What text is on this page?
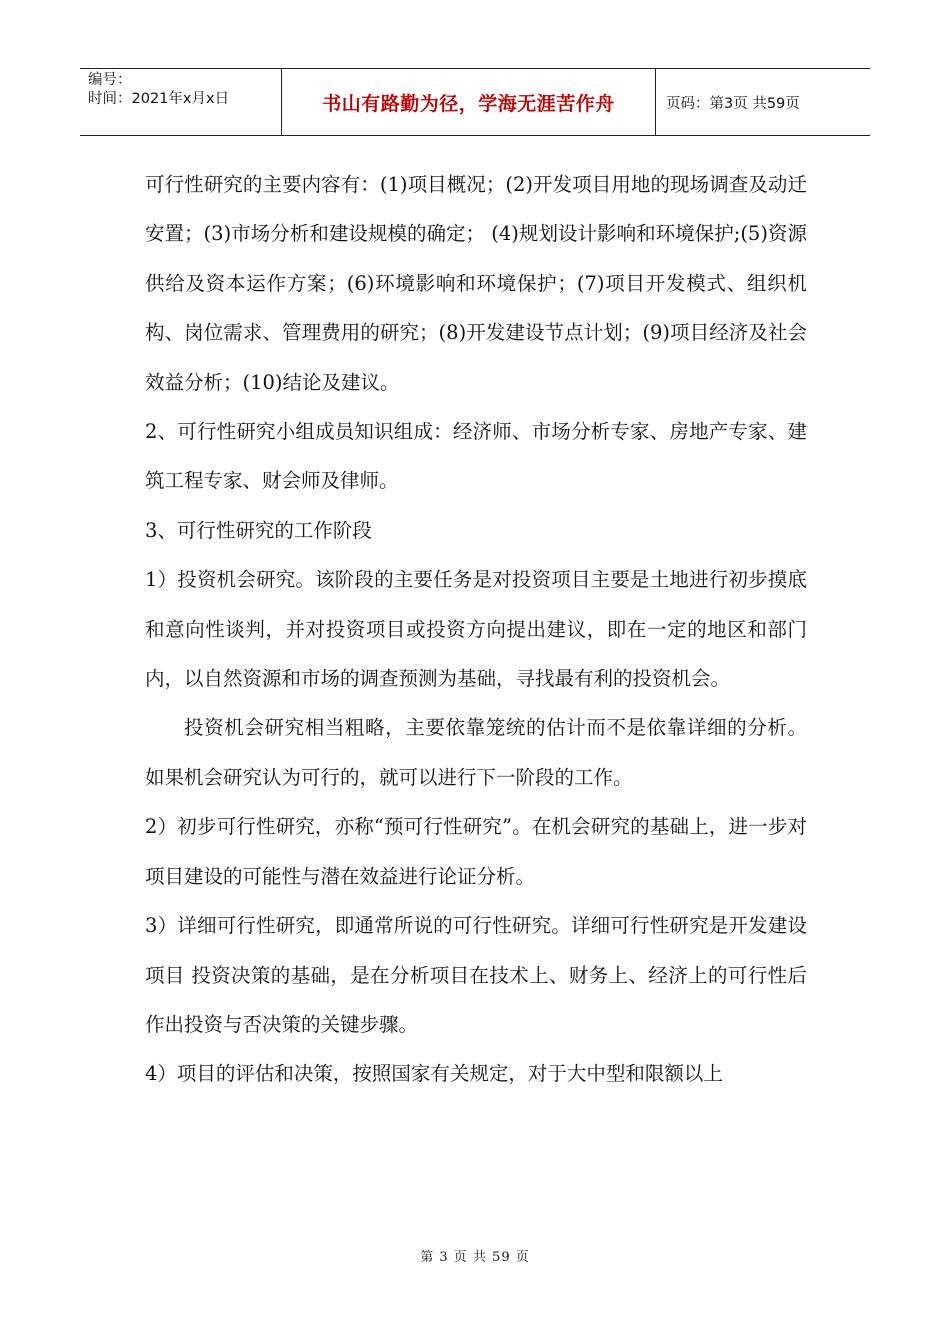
编号：
时间：2021年x月x日	书山有路勤为径，学海无涯苦作舟	页码：第3页 共59页

可行性研究的主要内容有：(1)项目概况；(2)开发项目用地的现场调查及动迁安置；(3)市场分析和建设规模的确定； (4)规划设计影响和环境保护;(5)资源供给及资本运作方案；(6)环境影响和环境保护；(7)项目开发模式、组织机构、岗位需求、管理费用的研究；(8)开发建设节点计划；(9)项目经济及社会效益分析；(10)结论及建议。

2、可行性研究小组成员知识组成：经济师、市场分析专家、房地产专家、建筑工程专家、财会师及律师。

3、可行性研究的工作阶段

1）投资机会研究。该阶段的主要任务是对投资项目主要是土地进行初步摸底和意向性谈判，并对投资项目或投资方向提出建议，即在一定的地区和部门内，以自然资源和市场的调查预测为基础，寻找最有利的投资机会。

投资机会研究相当粗略，主要依靠笼统的估计而不是依靠详细的分析。如果机会研究认为可行的，就可以进行下一阶段的工作。

2）初步可行性研究，亦称“预可行性研究”。在机会研究的基础上，进一步对项目建设的可能性与潜在效益进行论证分析。

3）详细可行性研究，即通常所说的可行性研究。详细可行性研究是开发建设项目 投资决策的基础，是在分析项目在技术上、财务上、经济上的可行性后作出投资与否决策的关键步骤。

4）项目的评估和决策，按照国家有关规定，对于大中型和限额以上

第 3 页 共 59 页
